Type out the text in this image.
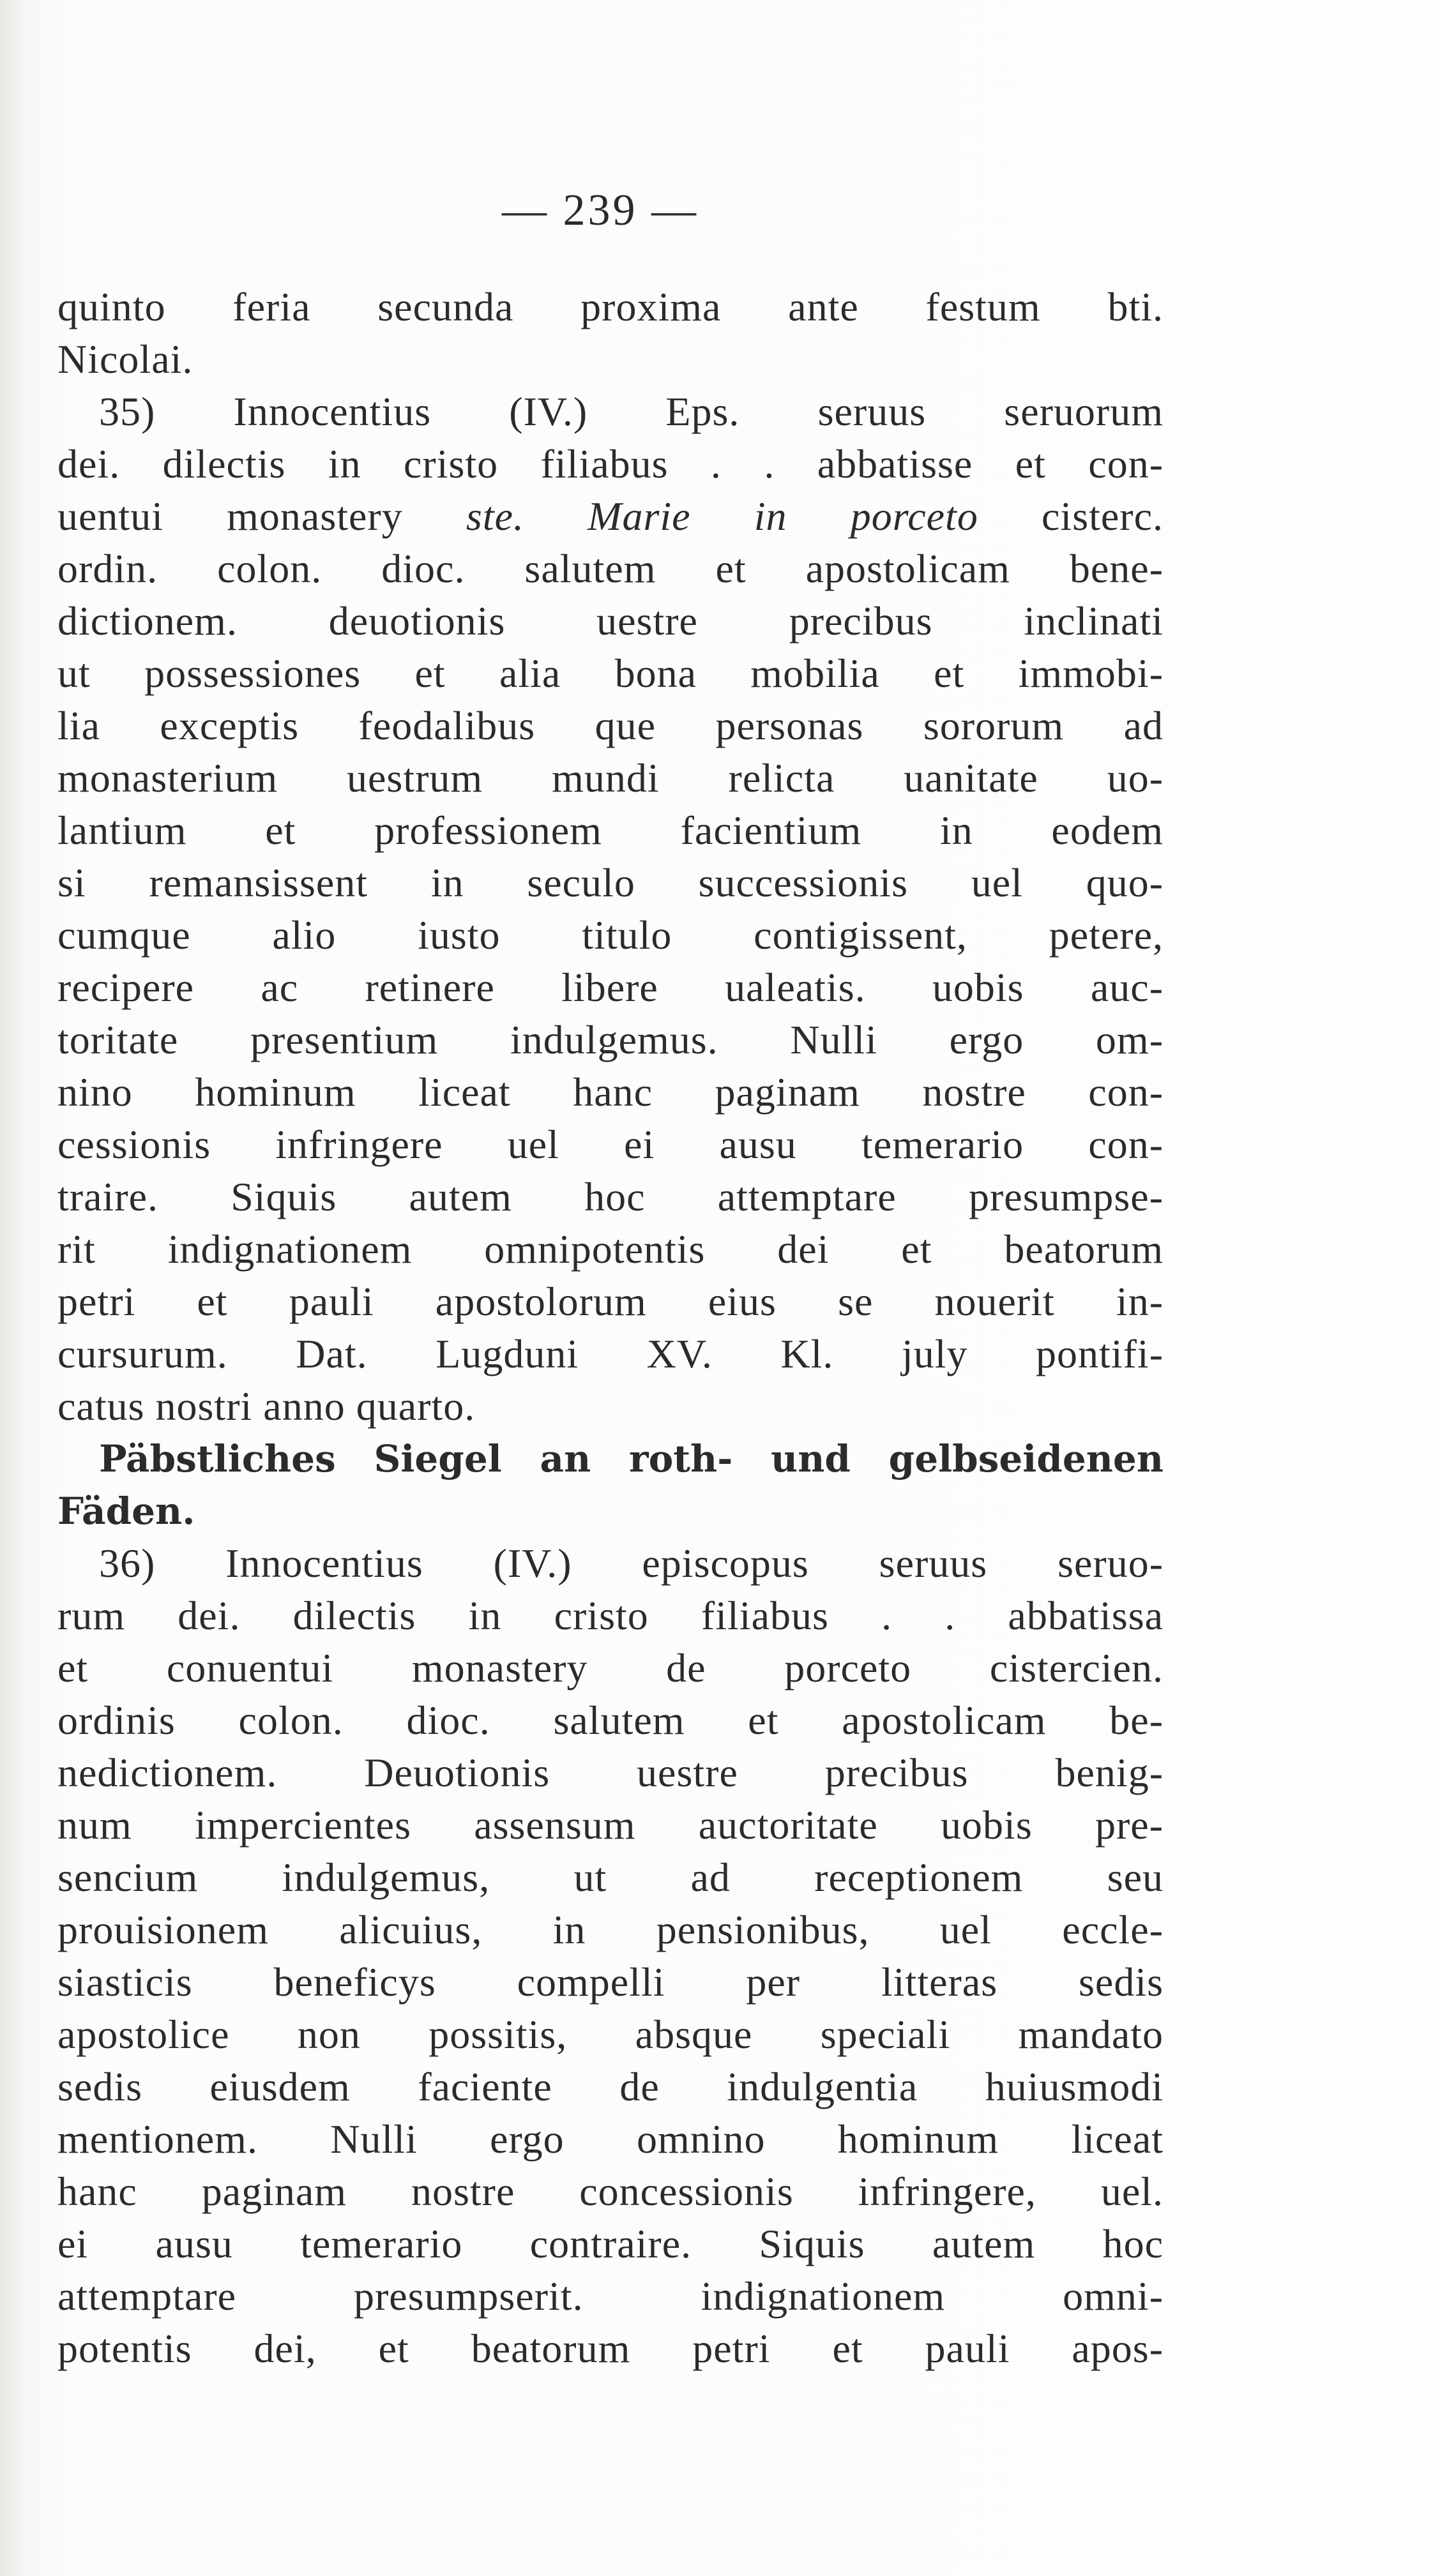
— 239 —
quinto feria secunda proxima ante festum bti.
Nicolai.
35) Innocentius (IV.) Eps. seruus seruorum
dei. dilectis in cristo filiabus . . abbatisse et con-
uentui monastery ste. Marie in porceto cisterc.
ordin. colon. dioc. salutem et apostolicam bene-
dictionem. deuotionis uestre precibus inclinati
ut possessiones et alia bona mobilia et immobi-
lia exceptis feodalibus que personas sororum ad
monasterium uestrum mundi relicta uanitate uo-
lantium et professionem facientium in eodem
si remansissent in seculo successionis uel quo-
cumque alio iusto titulo contigissent, petere,
recipere ac retinere libere ualeatis. uobis auc-
toritate presentium indulgemus. Nulli ergo om-
nino hominum liceat hanc paginam nostre con-
cessionis infringere uel ei ausu temerario con-
traire. Siquis autem hoc attemptare presumpse-
rit indignationem omnipotentis dei et beatorum
petri et pauli apostolorum eius se nouerit in-
cursurum. Dat. Lugduni XV. Kl. july pontifi-
catus nostri anno quarto.
Päbstliches Siegel an roth- und gelbseidenen
Fäden.
36) Innocentius (IV.) episcopus seruus seruo-
rum dei. dilectis in cristo filiabus . . abbatissa
et conuentui monastery de porceto cistercien.
ordinis colon. dioc. salutem et apostolicam be-
nedictionem. Deuotionis uestre precibus benig-
num impercientes assensum auctoritate uobis pre-
sencium indulgemus, ut ad receptionem seu
prouisionem alicuius, in pensionibus, uel eccle-
siasticis beneficys compelli per litteras sedis
apostolice non possitis, absque speciali mandato
sedis eiusdem faciente de indulgentia huiusmodi
mentionem. Nulli ergo omnino hominum liceat
hanc paginam nostre concessionis infringere, uel.
ei ausu temerario contraire. Siquis autem hoc
attemptare presumpserit. indignationem omni-
potentis dei, et beatorum petri et pauli apos-
